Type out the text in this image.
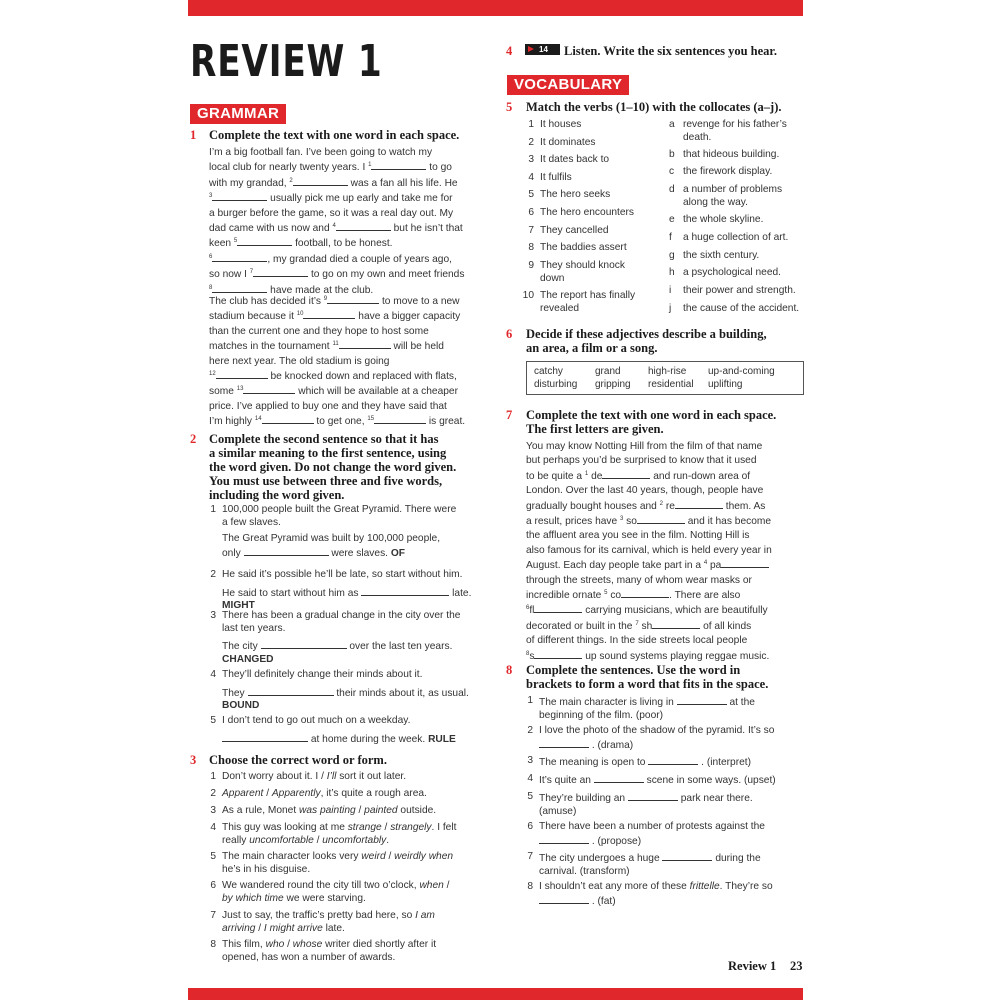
REVIEW 1
GRAMMAR
1 Complete the text with one word in each space.
I’m a big football fan. I’ve been going to watch my
local club for nearly twenty years. I $^1$	to go
with my grandad, $^2$	was a fan all his life. He
$^3$	usually pick me up early and take me for
a burger before the game, so it was a real day out. My
dad came with us now and $^4$	but he isn’t that
keen $^5$	football, to be honest.
$^6$	, my grandad died a couple of years ago,
so now I $^7$	to go on my own and meet friends
$^8$	have made at the club.
The club has decided it’s $^9$	to move to a new
stadium because it $^{10}$	have a bigger capacity
than the current one and they hope to host some
matches in the tournament $^{11}$	will be held
here next year. The old stadium is going
$^{12}$	be knocked down and replaced with flats,
some $^{13}$	which will be available at a cheaper
price. I’ve applied to buy one and they have said that
I’m highly $^{14}$	to get one, $^{15}$	is great.
2 Complete the second sentence so that it has
a similar meaning to the first sentence, using
the word given. Do not change the word given.
You must use between three and five words,
including the word given.
1 100,000 people built the Great Pyramid. There were
a few slaves.
The Great Pyramid was built by 100,000 people,
only	were slaves. OF
2 He said it’s possible he’ll be late, so start without him.
He said to start without him as	late.
MIGHT
3 There has been a gradual change in the city over the
last ten years.
The city	over the last ten years.
CHANGED
4 They’ll definitely change their minds about it.
They	their minds about it, as usual.
BOUND
5 I don’t tend to go out much on a weekday.
at home during the week. RULE
3 Choose the correct word or form.
1 Don’t worry about it. I / I’ll sort it out later.
2 Apparent / Apparently, it’s quite a rough area.
3 As a rule, Monet was painting / painted outside.
4 This guy was looking at me strange / strangely. I felt
really uncomfortable / uncomfortably.
5 The main character looks very weird / weirdly when
he’s in his disguise.
6 We wandered round the city till two o’clock, when /
by which time we were starving.
7 Just to say, the traffic’s pretty bad here, so I am
arriving / I might arrive late.
8 This film, who / whose writer died shortly after it
opened, has won a number of awards.
4	14 Listen. Write the six sentences you hear.
VOCABULARY
5 Match the verbs (1–10) with the collocates (a–j).
1 It houses
2 It dominates
3 It dates back to
4 It fulfils
5 The hero seeks
6 The hero encounters
7 They cancelled
8 The baddies assert
9 They should knock
down
10 The report has finally
revealed
a revenge for his father’s
death.
b that hideous building.
c the firework display.
d a number of problems
along the way.
e the whole skyline.
f	a huge collection of art.
g the sixth century.
h a psychological need.
i	their power and strength.
j	the cause of the accident.
6 Decide if these adjectives describe a building,
an area, a film or a song.
catchy	grand	high-rise up-and-coming
disturbing gripping residential uplifting
7 Complete the text with one word in each space.
The first letters are given.
You may know Notting Hill from the film of that name
but perhaps you’d be surprised to know that it used
to be quite a $^1$ de	and run-down area of
London. Over the last 40 years, though, people have
gradually bought houses and $^2$ re	them. As
a result, prices have $^3$ so	and it has become
the affluent area you see in the film. Notting Hill is
also famous for its carnival, which is held every year in
August. Each day people take part in a $^4$ pa
through the streets, many of whom wear masks or
incredible ornate $^5$ co	. There are also
$^6$fl	carrying musicians, which are beautifully
decorated or built in the $^7$ sh	of all kinds
of different things. In the side streets local people
$^8$s	up sound systems playing reggae music.
8 Complete the sentences. Use the word in
brackets to form a word that fits in the space.
1 The main character is living in	at the
beginning of the film. (poor)
2 I love the photo of the shadow of the pyramid. It’s so
. (drama)
3 The meaning is open to	. (interpret)
4 It’s quite an	scene in some ways. (upset)
5 They’re building an	park near there.
(amuse)
6 There have been a number of protests against the
. (propose)
7 The city undergoes a huge	during the
carnival. (transform)
8 I shouldn’t eat any more of these frittelle. They’re so
. (fat)
Review 1 23
